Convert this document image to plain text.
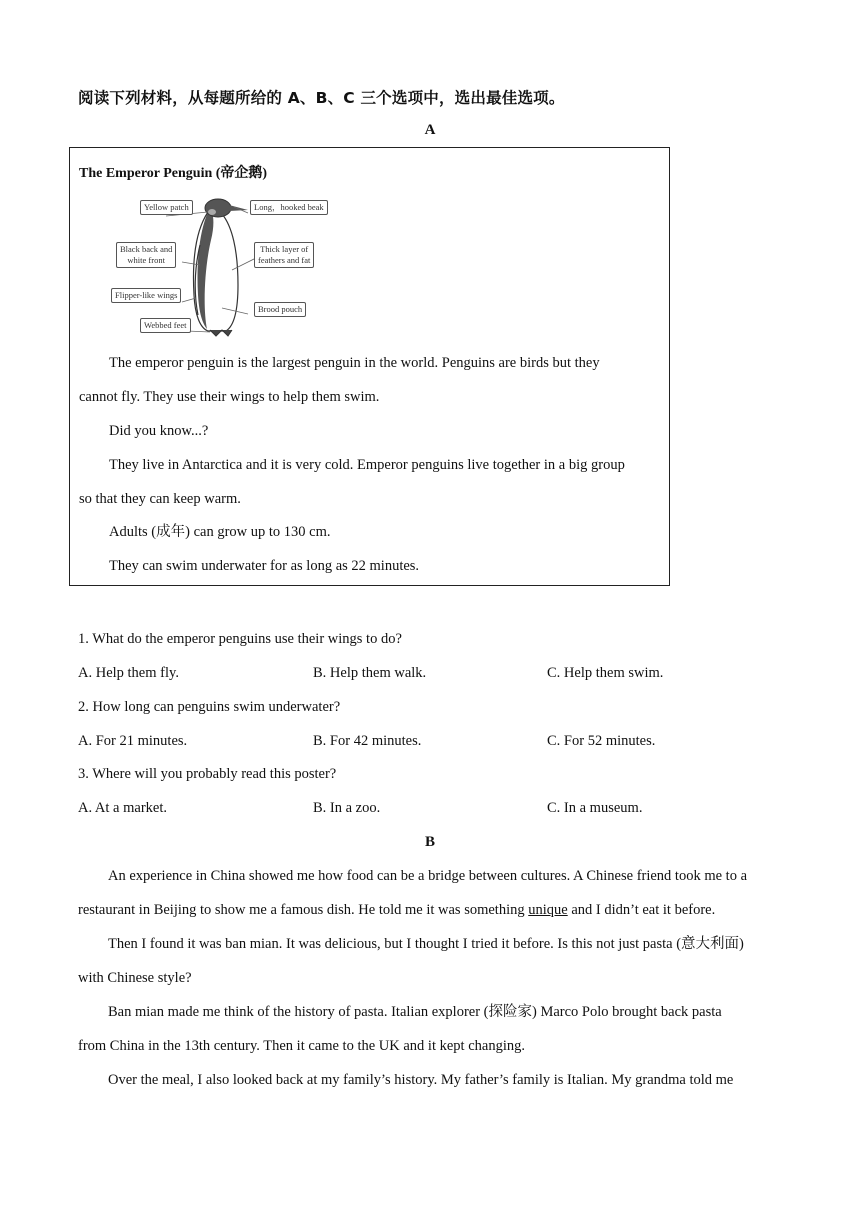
阅读下列材料，从每题所给的 A、B、C 三个选项中，选出最佳选项。
A
The Emperor Penguin (帝企鹅)
Yellow patch	Long，hooked beak
Black back and
white front
Thick layer of
feathers and fat
Flipper-like wings
Brood pouch
Webbed feet
The emperor penguin is the largest penguin in the world. Penguins are birds but they
cannot fly. They use their wings to help them swim.
Did you know...?
They live in Antarctica and it is very cold. Emperor penguins live together in a big group
so that they can keep warm.
Adults (成年) can grow up to 130 cm.
They can swim underwater for as long as 22 minutes.
1. What do the emperor penguins use their wings to do?
A. Help them fly.	B. Help them walk.	C. Help them swim.
2. How long can penguins swim underwater?
A. For 21 minutes.	B. For 42 minutes.	C. For 52 minutes.
3. Where will you probably read this poster?
A. At a market.	B. In a zoo.	C. In a museum.
B
An experience in China showed me how food can be a bridge between cultures. A Chinese friend took me to a
restaurant in Beijing to show me a famous dish. He told me it was something unique and I didn’t eat it before.
Then I found it was ban mian. It was delicious, but I thought I tried it before. Is this not just pasta (意大利面)
with Chinese style?
Ban mian made me think of the history of pasta. Italian explorer (探险家) Marco Polo brought back pasta
from China in the 13th century. Then it came to the UK and it kept changing.
Over the meal, I also looked back at my family’s history. My father’s family is Italian. My grandma told me
